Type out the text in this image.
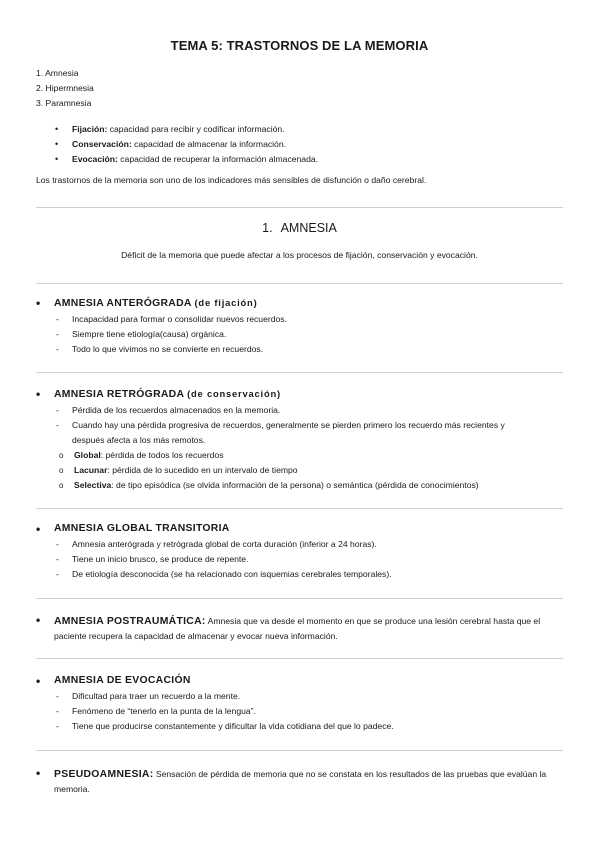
TEMA 5: TRASTORNOS DE LA MEMORIA
1. Amnesia
2. Hipermnesia
3. Paramnesia
• Fijación: capacidad para recibir y codificar información.
• Conservación: capacidad de almacenar la información.
• Evocación: capacidad de recuperar la información almacenada.
Los trastornos de la memoria son uno de los indicadores más sensibles de disfunción o daño cerebral.
1. AMNESIA
Déficit de la memoria que puede afectar a los procesos de fijación, conservación y evocación.
• AMNESIA ANTERÓGRADA (de fijación)
- Incapacidad para formar o consolidar nuevos recuerdos.
- Siempre tiene etiología(causa) orgánica.
- Todo lo que vivimos no se convierte en recuerdos.
• AMNESIA RETRÓGRADA (de conservación)
- Pérdida de los recuerdos almacenados en la memoria.
- Cuando hay una pérdida progresiva de recuerdos, generalmente se pierden primero los recuerdo más recientes y después afecta a los más remotos.
o Global: pérdida de todos los recuerdos
o Lacunar: pérdida de lo sucedido en un intervalo de tiempo
o Selectiva: de tipo episódica (se olvida información de la persona) o semántica (pérdida de conocimientos)
• AMNESIA GLOBAL TRANSITORIA
- Amnesia anterógrada y retrógrada global de corta duración (inferior a 24 horas).
- Tiene un inicio brusco, se produce de repente.
- De etiología desconocida (se ha relacionado con isquemias cerebrales temporales).
• AMNESIA POSTRAUMÁTICA: Amnesia que va desde el momento en que se produce una lesión cerebral hasta que el paciente recupera la capacidad de almacenar y evocar nueva información.
• AMNESIA DE EVOCACIÓN
- Dificultad para traer un recuerdo a la mente.
- Fenómeno de “tenerlo en la punta de la lengua”.
- Tiene que producirse constantemente y dificultar la vida cotidiana del que lo padece.
• PSEUDOAMNESIA: Sensación de pérdida de memoria que no se constata en los resultados de las pruebas que evalúan la memoria.
